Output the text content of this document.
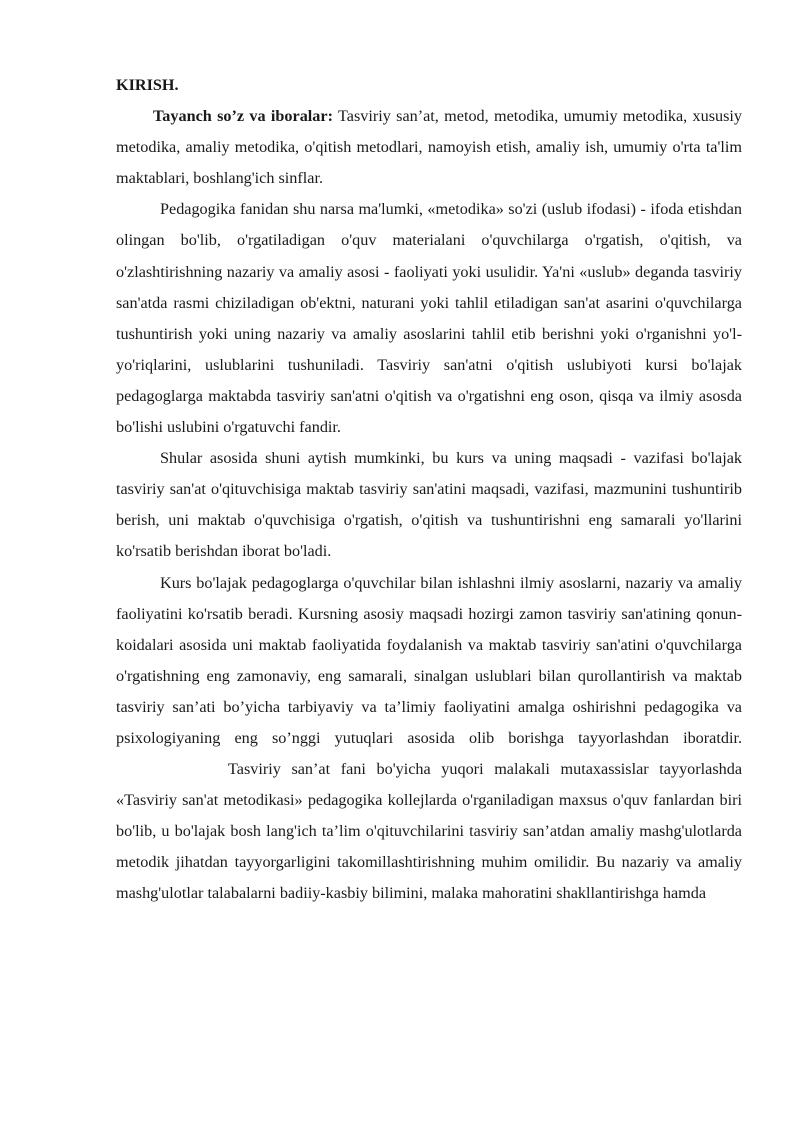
KIRISH.

Tayanch so’z va iboralar: Tasviriy san’at, metod, metodika, umumiy metodika, xususiy metodika, amaliy metodika, o'qitish metodlari, namoyish etish, amaliy ish, umumiy o'rta ta'lim maktablari, boshlang'ich sinflar.

Pedagogika fanidan shu narsa ma'lumki, «metodika» so'zi (uslub ifodasi) - ifoda etishdan olingan bo'lib, o'rgatiladigan o'quv materialani o'quvchilarga o'rgatish, o'qitish, va o'zlashtirishning nazariy va amaliy asosi - faoliyati yoki usulidir. Ya'ni «uslub» deganda tasviriy san'atda rasmi chiziladigan ob'ektni, naturani yoki tahlil etiladigan san'at asarini o'quvchilarga tushuntirish yoki uning nazariy va amaliy asoslarini tahlil etib berishni yoki o'rganishni yo'l-yo'riqlarini, uslublarini tushuniladi. Tasviriy san'atni o'qitish uslubiyoti kursi bo'lajak pedagoglarga maktabda tasviriy san'atni o'qitish va o'rgatishni eng oson, qisqa va ilmiy asosda bo'lishi uslubini o'rgatuvchi fandir.

Shular asosida shuni aytish mumkinki, bu kurs va uning maqsadi - vazifasi bo'lajak tasviriy san'at o'qituvchisiga maktab tasviriy san'atini maqsadi, vazifasi, mazmunini tushuntirib berish, uni maktab o'quvchisiga o'rgatish, o'qitish va tushuntirishni eng samarali yo'llarini ko'rsatib berishdan iborat bo'ladi.

Kurs bo'lajak pedagoglarga o'quvchilar bilan ishlashni ilmiy asoslarni, nazariy va amaliy faoliyatini ko'rsatib beradi. Kursning asosiy maqsadi hozirgi zamon tasviriy san'atining qonun-koidalari asosida uni maktab faoliyatida foydalanish va maktab tasviriy san'atini o'quvchilarga o'rgatishning eng zamonaviy, eng samarali, sinalgan uslublari bilan qurollantirish va maktab tasviriy san’ati bo’yicha tarbiyaviy va ta’limiy faoliyatini amalga oshirishni pedagogika va psixologiyaning eng so’nggi yutuqlari asosida olib borishga tayyorlashdan iboratdir.Tasviriy san’at fani bo'yicha yuqori malakali mutaxassislar tayyorlashda «Tasviriy san'at metodikasi» pedagogika kollejlarda o'rganiladigan maxsus o'quv fanlardan biri bo'lib, u bo'lajak bosh lang'ich ta’lim o'qituvchilarini tasviriy san’atdan amaliy mashg'ulotlarda metodik jihatdan tayyorgarligini takomillashtirishning muhim omilidir. Bu nazariy va amaliy mashg'ulotlar talabalarni badiiy-kasbiy bilimini, malaka mahoratini shakllantirishga hamda
